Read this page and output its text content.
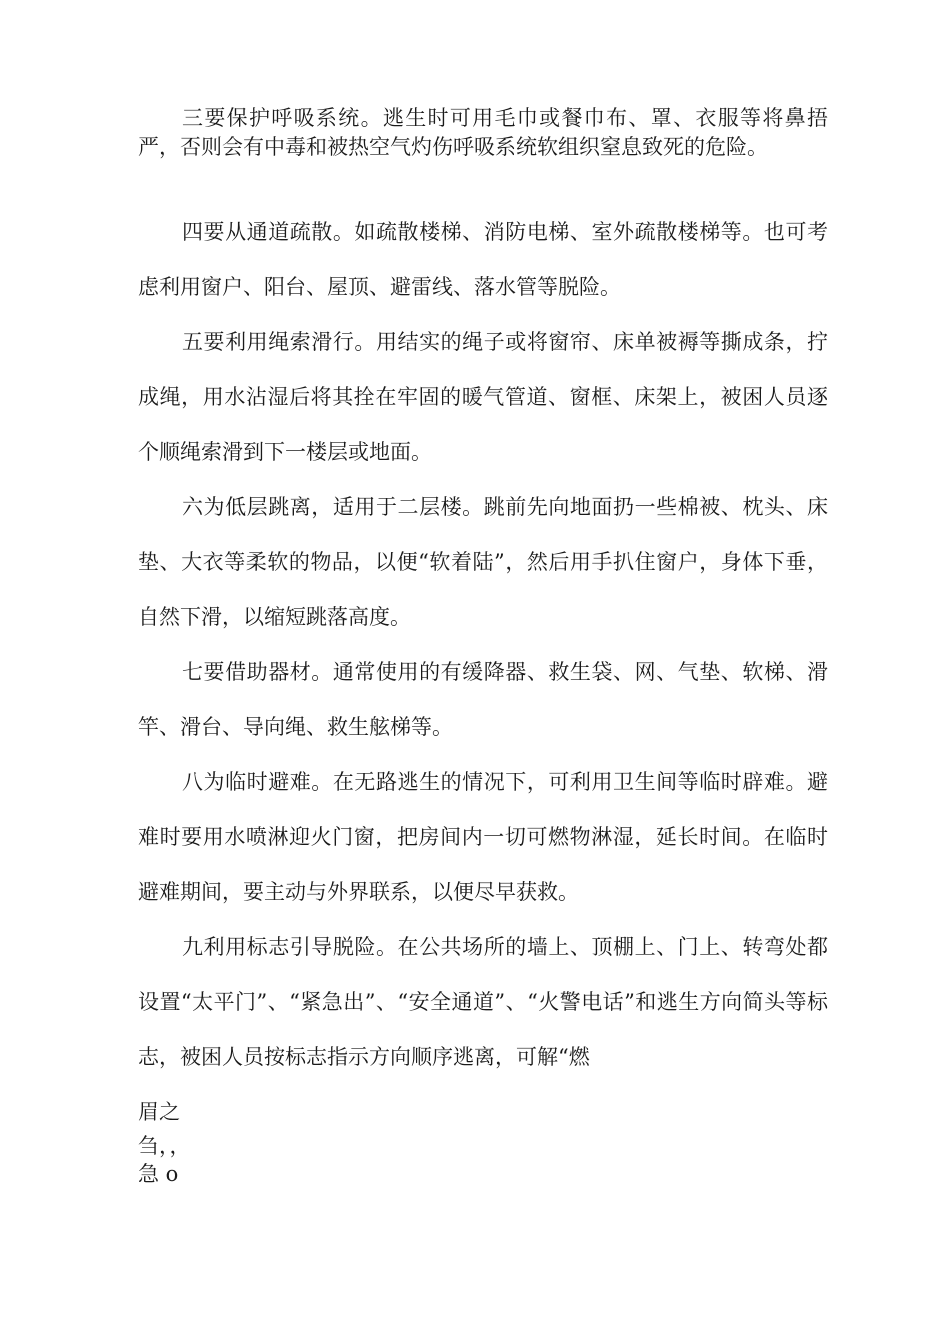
三要保护呼吸系统。逃生时可用毛巾或餐巾布、罩、衣服等将鼻捂严，否则会有中毒和被热空气灼伤呼吸系统软组织窒息致死的危险。

四要从通道疏散。如疏散楼梯、消防电梯、室外疏散楼梯等。也可考虑利用窗户、阳台、屋顶、避雷线、落水管等脱险。

五要利用绳索滑行。用结实的绳子或将窗帘、床单被褥等撕成条，拧成绳，用水沾湿后将其拴在牢固的暖气管道、窗框、床架上，被困人员逐个顺绳索滑到下一楼层或地面。

六为低层跳离，适用于二层楼。跳前先向地面扔一些棉被、枕头、床垫、大衣等柔软的物品，以便“软着陆”，然后用手扒住窗户，身体下垂，自然下滑，以缩短跳落高度。

七要借助器材。通常使用的有缓降器、救生袋、网、气垫、软梯、滑竿、滑台、导向绳、救生舷梯等。

八为临时避难。在无路逃生的情况下，可利用卫生间等临时辟难。避难时要用水喷淋迎火门窗，把房间内一切可燃物淋湿，延长时间。在临时避难期间，要主动与外界联系，以便尽早获救。

九利用标志引导脱险。在公共场所的墙上、顶棚上、门上、转弯处都设置“太平门”、“紧急出”、“安全通道”、“火警电话”和逃生方向简头等标志，被困人员按标志指示方向顺序逃离，可解“燃

眉之
刍，，
急 o
